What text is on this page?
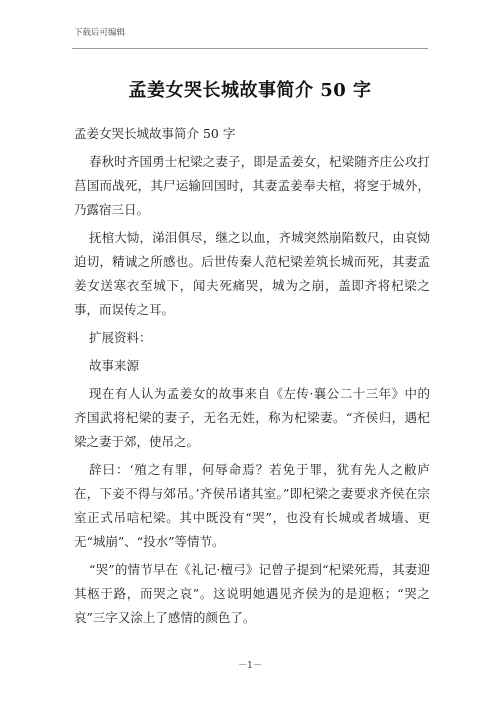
下载后可编辑
孟姜女哭长城故事简介 50 字

孟姜女哭长城故事简介 50 字

春秋时齐国勇士杞梁之妻子，即是孟姜女，杞梁随齐庄公攻打莒国而战死，其尸运输回国时，其妻孟姜奉夫棺，将窆于城外，乃露宿三日。

抚棺大恸，涕泪俱尽，继之以血，齐城突然崩陷数尺，由哀恸迫切，精诚之所感也。后世传秦人范杞梁差筑长城而死，其妻孟姜女送寒衣至城下，闻夫死痛哭，城为之崩，盖即齐将杞梁之事，而误传之耳。

扩展资料：

故事来源

现在有人认为孟姜女的故事来自《左传·襄公二十三年》中的齐国武将杞梁的妻子，无名无姓，称为杞梁妻。“齐侯归，遇杞梁之妻于郊，使吊之。

辞曰：‘殖之有罪，何辱命焉？若免于罪，犹有先人之敝庐在，下妾不得与郊吊。’齐侯吊诸其室。”即杞梁之妻要求齐侯在宗室正式吊唁杞梁。其中既没有“哭”，也没有长城或者城墙、更无“城崩”、“投水”等情节。

“哭”的情节早在《礼记·檀弓》记曾子提到“杞梁死焉，其妻迎其柩于路，而哭之哀”。这说明她遇见齐侯为的是迎柩；“哭之哀”三字又涂上了感情的颜色了。

－1－
